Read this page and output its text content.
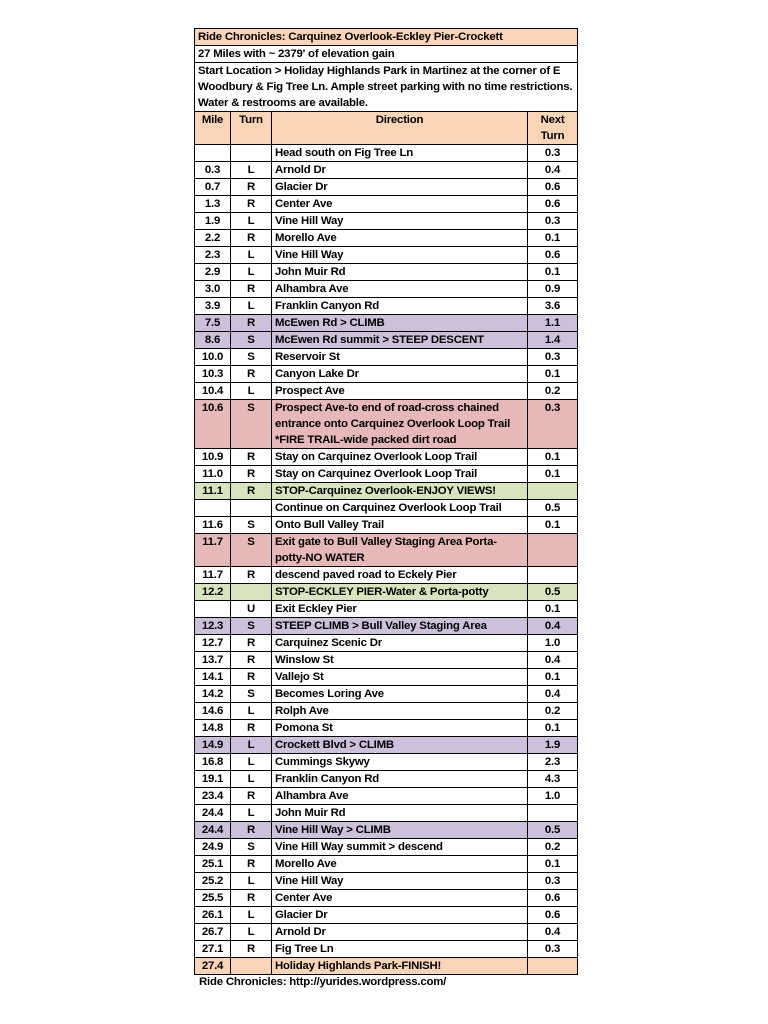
Ride Chronicles: Carquinez Overlook-Eckley Pier-Crockett			
27 Miles with ~ 2379' of elevation gain			
Start Location > Holiday Highlands Park in Martinez at the corner of E Woodbury & Fig Tree Ln. Ample street parking with no time restrictions. Water & restrooms are available.			
Mile	Turn	Direction	Next
Turn
		Head south on Fig Tree Ln	0.3
0.3	L	Arnold Dr	0.4
0.7	R	Glacier Dr	0.6
1.3	R	Center Ave	0.6
1.9	L	Vine Hill Way	0.3
2.2	R	Morello Ave	0.1
2.3	L	Vine Hill Way	0.6
2.9	L	John Muir Rd	0.1
3.0	R	Alhambra Ave	0.9
3.9	L	Franklin Canyon Rd	3.6
7.5	R	McEwen Rd > CLIMB	1.1
8.6	S	McEwen Rd summit > STEEP DESCENT	1.4
10.0	S	Reservoir St	0.3
10.3	R	Canyon Lake Dr	0.1
10.4	L	Prospect Ave	0.2
10.6	S	Prospect Ave-to end of road-cross chained entrance onto Carquinez Overlook Loop Trail *FIRE TRAIL-wide packed dirt road	0.3
10.9	R	Stay on Carquinez Overlook Loop Trail	0.1
11.0	R	Stay on Carquinez Overlook Loop Trail	0.1
11.1	R	STOP-Carquinez Overlook-ENJOY VIEWS!	
		Continue on Carquinez Overlook Loop Trail	0.5
11.6	S	Onto Bull Valley Trail	0.1
11.7	S	Exit gate to Bull Valley Staging Area Porta-potty-NO WATER	
11.7	R	descend paved road to Eckely Pier	
12.2		STOP-ECKLEY PIER-Water & Porta-potty	0.5
	U	Exit Eckley Pier	0.1
12.3	S	STEEP CLIMB > Bull Valley Staging Area	0.4
12.7	R	Carquinez Scenic Dr	1.0
13.7	R	Winslow St	0.4
14.1	R	Vallejo St	0.1
14.2	S	Becomes Loring Ave	0.4
14.6	L	Rolph Ave	0.2
14.8	R	Pomona St	0.1
14.9	L	Crockett Blvd > CLIMB	1.9
16.8	L	Cummings Skywy	2.3
19.1	L	Franklin Canyon Rd	4.3
23.4	R	Alhambra Ave	1.0
24.4	L	John Muir Rd	
24.4	R	Vine Hill Way > CLIMB	0.5
24.9	S	Vine Hill Way summit > descend	0.2
25.1	R	Morello Ave	0.1
25.2	L	Vine Hill Way	0.3
25.5	R	Center Ave	0.6
26.1	L	Glacier Dr	0.6
26.7	L	Arnold Dr	0.4
27.1	R	Fig Tree Ln	0.3
27.4		Holiday Highlands Park-FINISH!	
Ride Chronicles: http://yurides.wordpress.com/
